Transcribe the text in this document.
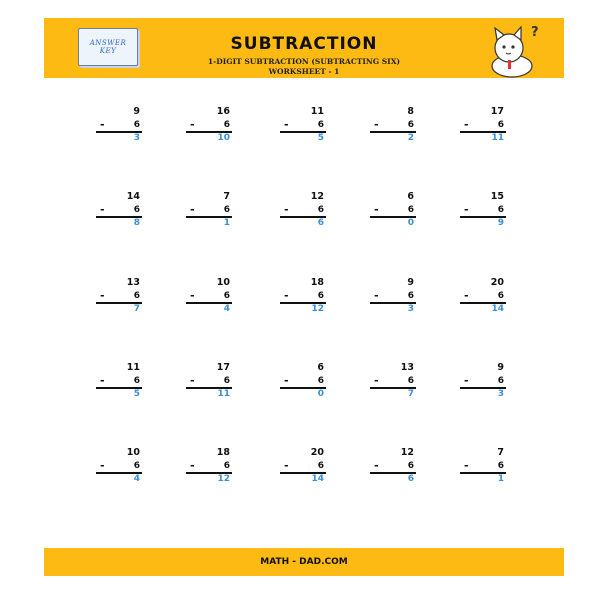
ANSWER KEY	SUBTRACTION
1-DIGIT SUBTRACTION (SUBTRACTING SIX)
WORKSHEET - 1
?
9
-	6
3
16
-	6
10
11
-	6
5
8
-	6
2
17
-	6
11
14
-	6
8
7
-	6
1
12
-	6
6
6
-	6
0
15
-	6
9
13
-	6
7
10
-	6
4
18
-	6
12
9
-	6
3
20
-	6
14
11
-	6
5
17
-	6
11
6
-	6
0
13
-	6
7
9
-	6
3
10
-	6
4
18
-	6
12
20
-	6
14
12
-	6
6
7
-	6
1
MATH - DAD.COM
